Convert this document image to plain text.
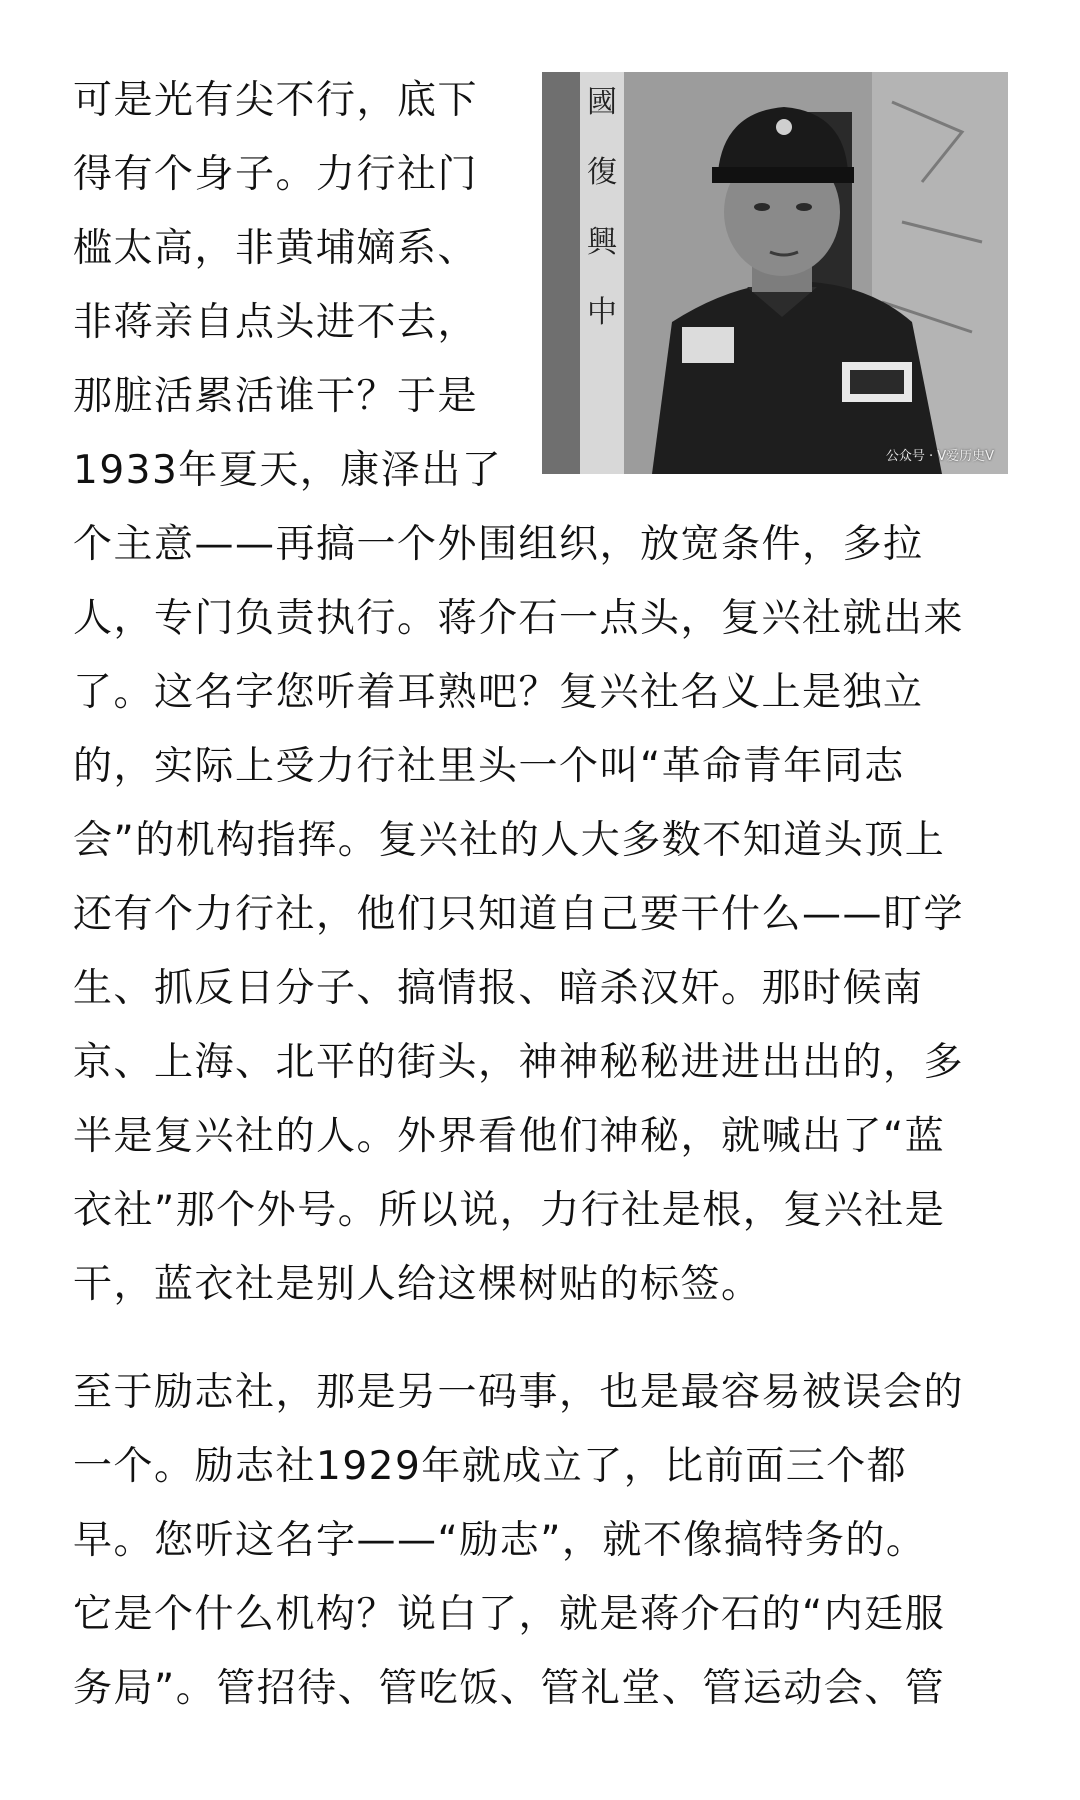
國
復
興
中
公众号 · V爱历史V

可是光有尖不行，底下
得有个身子。力行社门
槛太高，非黄埔嫡系、
非蒋亲自点头进不去，
那脏活累活谁干？于是
1933年夏天，康泽出了
个主意——再搞一个外围组织，放宽条件，多拉
人，专门负责执行。蒋介石一点头，复兴社就出来
了。这名字您听着耳熟吧？复兴社名义上是独立
的，实际上受力行社里头一个叫“革命青年同志
会”的机构指挥。复兴社的人大多数不知道头顶上
还有个力行社，他们只知道自己要干什么——盯学
生、抓反日分子、搞情报、暗杀汉奸。那时候南
京、上海、北平的街头，神神秘秘进进出出的，多
半是复兴社的人。外界看他们神秘，就喊出了“蓝
衣社”那个外号。所以说，力行社是根，复兴社是
干，蓝衣社是别人给这棵树贴的标签。

至于励志社，那是另一码事，也是最容易被误会的
一个。励志社1929年就成立了，比前面三个都
早。您听这名字——“励志”，就不像搞特务的。
它是个什么机构？说白了，就是蒋介石的“内廷服
务局”。管招待、管吃饭、管礼堂、管运动会、管
